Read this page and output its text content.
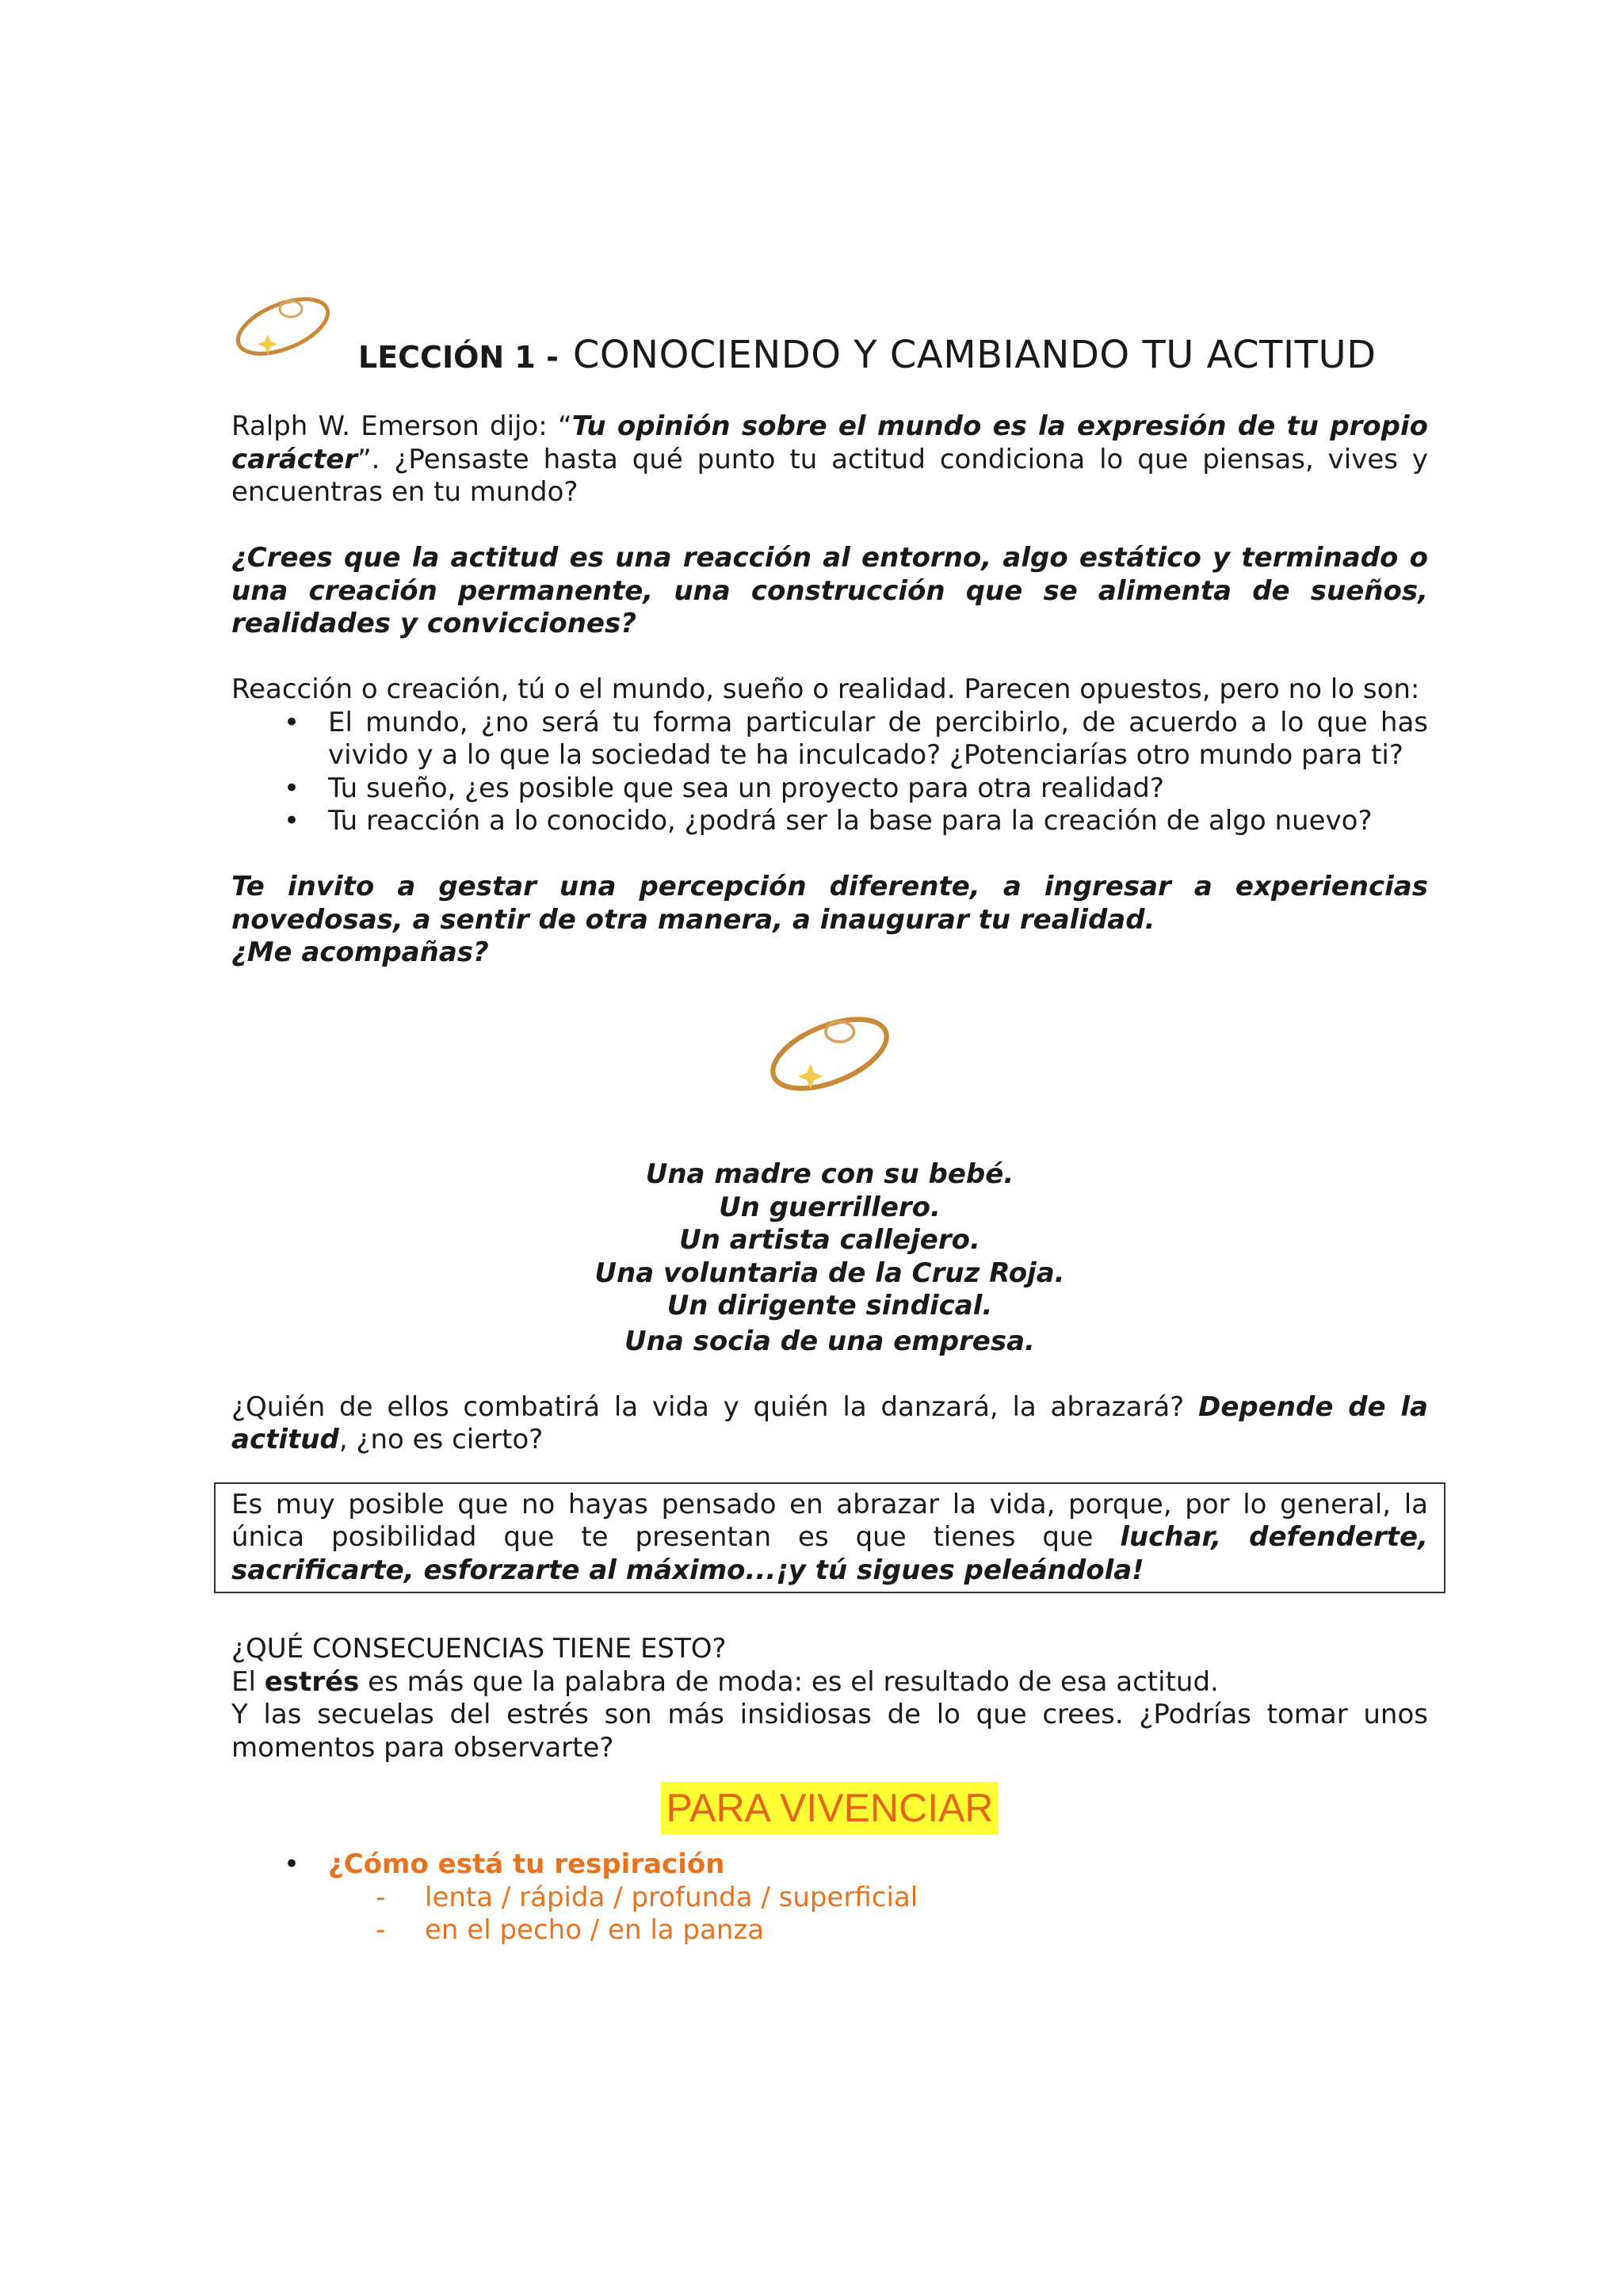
LECCIÓN 1 - CONOCIENDO Y CAMBIANDO TU ACTITUD

Ralph W. Emerson dijo: “Tu opinión sobre el mundo es la expresión de tu propio carácter”. ¿Pensaste hasta qué punto tu actitud condiciona lo que piensas, vives y encuentras en tu mundo?

¿Crees que la actitud es una reacción al entorno, algo estático y terminado o una creación permanente, una construcción que se alimenta de sueños, realidades y convicciones?

Reacción o creación, tú o el mundo, sueño o realidad. Parecen opuestos, pero no lo son:

• El mundo, ¿no será tu forma particular de percibirlo, de acuerdo a lo que has vivido y a lo que la sociedad te ha inculcado? ¿Potenciarías otro mundo para ti?
• Tu sueño, ¿es posible que sea un proyecto para otra realidad?
• Tu reacción a lo conocido, ¿podrá ser la base para la creación de algo nuevo?

Te invito a gestar una percepción diferente, a ingresar a experiencias novedosas, a sentir de otra manera, a inaugurar tu realidad.

¿Me acompañas?

Una madre con su bebé.
Un guerrillero.
Un artista callejero.
Una voluntaria de la Cruz Roja.
Un dirigente sindical.
Una socia de una empresa.

¿Quién de ellos combatirá la vida y quién la danzará, la abrazará? Depende de la actitud, ¿no es cierto?

Es muy posible que no hayas pensado en abrazar la vida, porque, por lo general, la única posibilidad que te presentan es que tienes que luchar, defenderte, sacrificarte, esforzarte al máximo...¡y tú sigues peleándola!

¿QUÉ CONSECUENCIAS TIENE ESTO?

El estrés es más que la palabra de moda: es el resultado de esa actitud.

Y las secuelas del estrés son más insidiosas de lo que crees. ¿Podrías tomar unos momentos para observarte?

PARA VIVENCIAR
• ¿Cómo está tu respiración
- lenta / rápida / profunda / superficial
- en el pecho / en la panza
